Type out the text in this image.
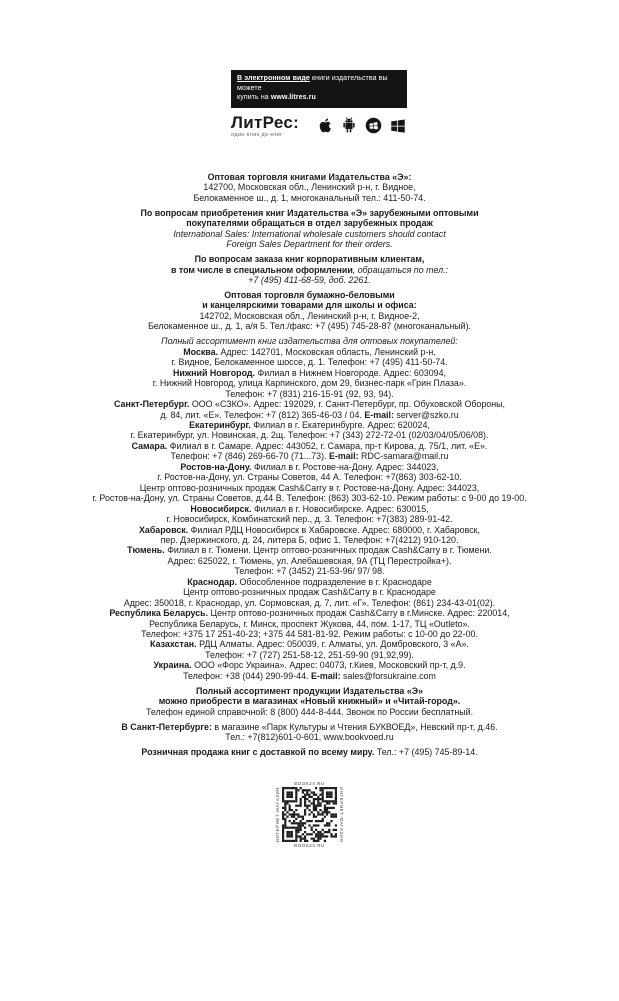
В электронном виде книги издательства вы можете
купить на www.litres.ru
ЛитРес:
один клик до книг
Оптовая торговля книгами Издательства «Э»:
142700, Московская обл., Ленинский р-н, г. Видное,
Белокаменное ш., д. 1, многоканальный тел.: 411-50-74.
По вопросам приобретения книг Издательства «Э» зарубежными оптовыми
покупателями обращаться в отдел зарубежных продаж
International Sales: International wholesale customers should contact
Foreign Sales Department for their orders.
По вопросам заказа книг корпоративным клиентам,
в том числе в специальном оформлении, обращаться по тел.:
+7 (495) 411-68-59, доб. 2261.
Оптовая торговля бумажно-беловыми
и канцелярскими товарами для школы и офиса:
142702, Московская обл., Ленинский р-н, г. Видное-2,
Белокаменное ш., д. 1, а/я 5. Тел./факс: +7 (495) 745-28-87 (многоканальный).
Полный ассортимент книг издательства для оптовых покупателей:
Москва. Адрес: 142701, Московская область, Ленинский р-н,
г. Видное, Белокаменное шоссе, д. 1. Телефон: +7 (495) 411-50-74.
Нижний Новгород. Филиал в Нижнем Новгороде. Адрес: 603094,
г. Нижний Новгород, улица Карпинского, дом 29, бизнес-парк «Грин Плаза».
Телефон: +7 (831) 216-15-91 (92, 93, 94).
Санкт-Петербург. ООО «СЗКО». Адрес: 192029, г. Санкт-Петербург, пр. Обуховской Обороны,
д. 84, лит. «Е». Телефон: +7 (812) 365-46-03 / 04. E-mail: server@szko.ru
Екатеринбург. Филиал в г. Екатеринбурге. Адрес: 620024,
г. Екатеринбург, ул. Новинская, д. 2щ. Телефон: +7 (343) 272-72-01 (02/03/04/05/06/08).
Самара. Филиал в г. Самаре. Адрес: 443052, г. Самара, пр-т Кирова, д. 75/1, лит. «Е».
Телефон: +7 (846) 269-66-70 (71...73). E-mail: RDC-samara@mail.ru
Ростов-на-Дону. Филиал в г. Ростове-на-Дону. Адрес: 344023,
г. Ростов-на-Дону, ул. Страны Советов, 44 А. Телефон: +7(863) 303-62-10.
Центр оптово-розничных продаж Cash&Carry в г. Ростове-на-Дону. Адрес: 344023,
г. Ростов-на-Дону, ул. Страны Советов, д.44 В. Телефон: (863) 303-62-10. Режим работы: с 9-00 до 19-00.
Новосибирск. Филиал в г. Новосибирске. Адрес: 630015,
г. Новосибирск, Комбинатский пер., д. 3. Телефон: +7(383) 289-91-42.
Хабаровск. Филиал РДЦ Новосибирск в Хабаровске. Адрес: 680000, г. Хабаровск,
пер. Дзержинского, д. 24, литера Б, офис 1. Телефон: +7(4212) 910-120.
Тюмень. Филиал в г. Тюмени. Центр оптово-розничных продаж Cash&Carry в г. Тюмени.
Адрес: 625022, г. Тюмень, ул. Алебашевская, 9А (ТЦ Перестройка+).
Телефон: +7 (3452) 21-53-96/ 97/ 98.
Краснодар. Обособленное подразделение в г. Краснодаре
Центр оптово-розничных продаж Cash&Carry в г. Краснодаре
Адрес: 350018, г. Краснодар, ул. Сормовская, д. 7, лит. «Г». Телефон: (861) 234-43-01(02).
Республика Беларусь. Центр оптово-розничных продаж Cash&Carry в г.Минске. Адрес: 220014,
Республика Беларусь, г. Минск, проспект Жукова, 44, пом. 1-17, ТЦ «Outleto».
Телефон: +375 17 251-40-23; +375 44 581-81-92. Режим работы: с 10-00 до 22-00.
Казахстан. РДЦ Алматы. Адрес: 050039, г. Алматы, ул. Домбровского, 3 «А».
Телефон: +7 (727) 251-58-12, 251-59-90 (91,92,99).
Украина. ООО «Форс Украина». Адрес: 04073, г.Киев, Московский пр-т, д.9.
Телефон: +38 (044) 290-99-44. E-mail: sales@forsukraine.com
Полный ассортимент продукции Издательства «Э»
можно приобрести в магазинах «Новый книжный» и «Читай-город».
Телефон единой справочной: 8 (800) 444-8-444. Звонок по России бесплатный.
В Санкт-Петербурге: в магазине «Парк Культуры и Чтения БУКВОЕД», Невский пр-т, д.46.
Тел.: +7(812)601-0-601, www.bookvoed.ru
Розничная продажа книг с доставкой по всему миру. Тел.: +7 (495) 745-89-14.
BOOK24.RU
ИНТЕРНЕТ-МАГАЗИН	ИНТЕРНЕТ-МАГАЗИН
BOOK24.RU
